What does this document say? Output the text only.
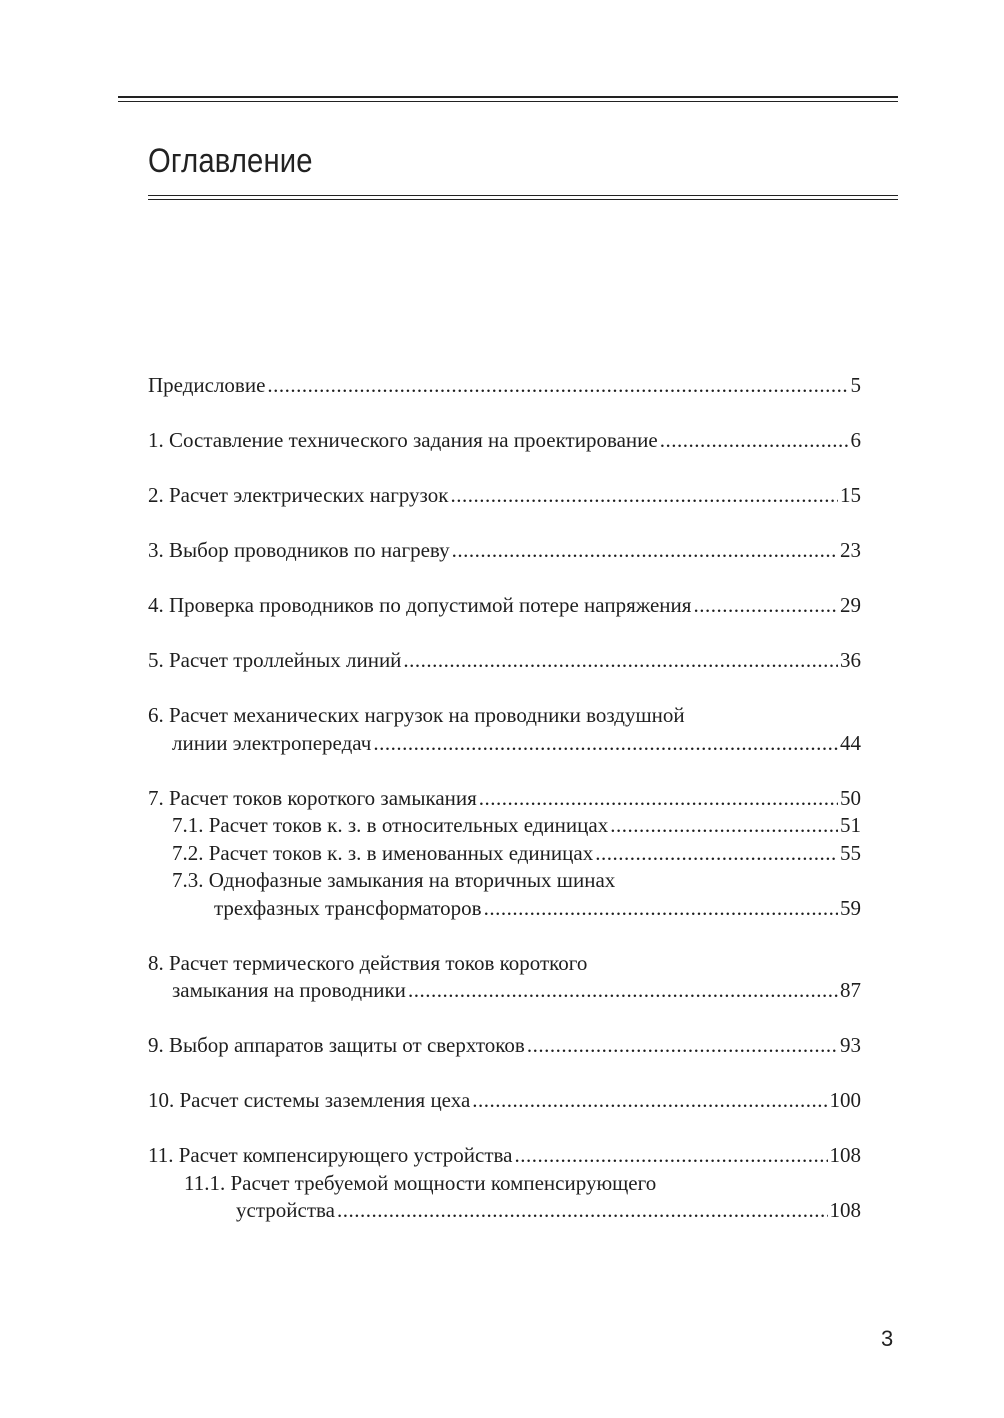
Оглавление
Предисловие .....	5
1. Составление технического задания на проектирование .....	6
2. Расчет электрических нагрузок .....	15
3. Выбор проводников по нагреву .....	23
4. Проверка проводников по допустимой потере напряжения .....	29
5. Расчет троллейных линий .....	36
6. Расчет механических нагрузок на проводники воздушной
линии электропередач .....	44
7. Расчет токов короткого замыкания .....	50
7.1. Расчет токов к. з. в относительных единицах .....	51
7.2. Расчет токов к. з. в именованных единицах .....	55
7.3. Однофазные замыкания на вторичных шинах
трехфазных трансформаторов .....	59
8. Расчет термического действия токов короткого
замыкания на проводники .....	87
9. Выбор аппаратов защиты от сверхтоков .....	93
10. Расчет системы заземления цеха .....	100
11. Расчет компенсирующего устройства .....	108
11.1. Расчет требуемой мощности компенсирующего
устройства .....	108
3
